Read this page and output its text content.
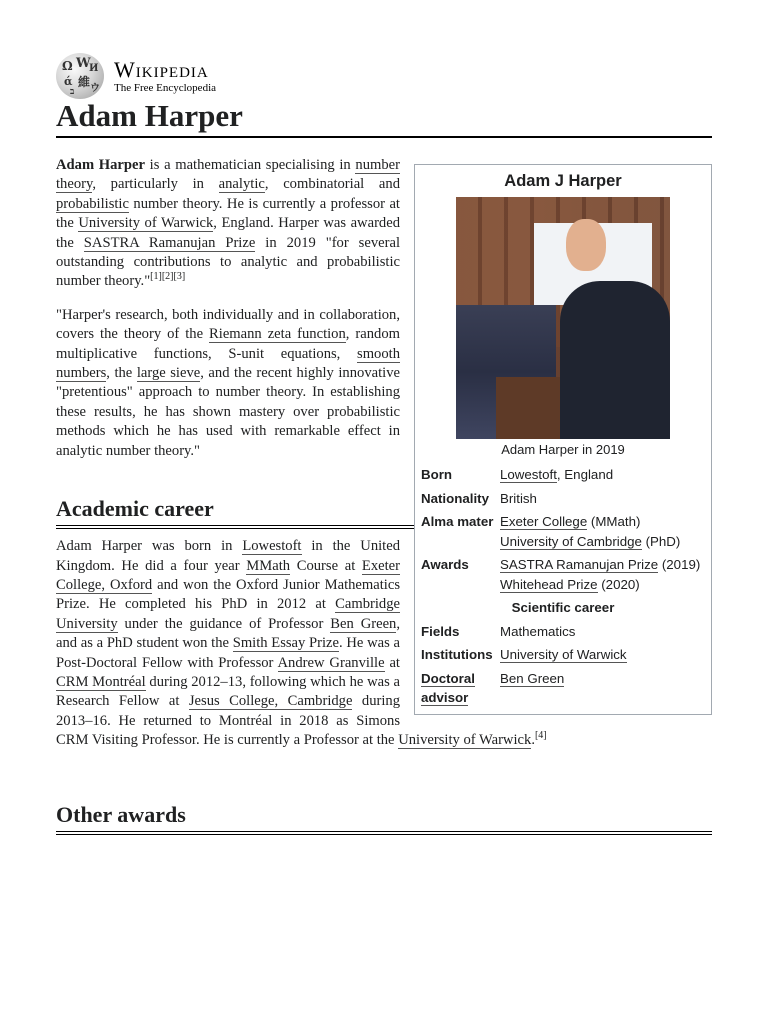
Ω W
И
ά 維 ウ
ב
Wikipedia
The Free Encyclopedia
Adam Harper
Adam J Harper
Adam Harper in 2019
Born	Lowestoft, England
Nationality	British
Alma mater	Exeter College (MMath)
University of Cambridge (PhD)
Awards	SASTRA Ramanujan Prize (2019)
Whitehead Prize (2020)
Scientific career	
Fields	Mathematics
Institutions	University of Warwick
Doctoral advisor	Ben Green

Adam Harper is a mathematician specialising in number theory, particularly in analytic, combinatorial and probabilistic number theory. He is currently a professor at the University of Warwick, England. Harper was awarded the SASTRA Ramanujan Prize in 2019 "for several outstanding contributions to analytic and probabilistic number theory."[1][2][3]

"Harper's research, both individually and in collaboration, covers the theory of the Riemann zeta function, random multiplicative functions, S-unit equations, smooth numbers, the large sieve, and the recent highly innovative "pretentious" approach to number theory. In establishing these results, he has shown mastery over probabilistic methods which he has used with remarkable effect in analytic number theory."

Academic career

Adam Harper was born in Lowestoft in the United Kingdom. He did a four year MMath Course at Exeter College, Oxford and won the Oxford Junior Mathematics Prize. He completed his PhD in 2012 at Cambridge University under the guidance of Professor Ben Green, and as a PhD student won the Smith Essay Prize. He was a Post-Doctoral Fellow with Professor Andrew Granville at CRM Montréal during 2012–13, following which he was a Research Fellow at Jesus College, Cambridge during 2013–16. He returned to Montréal in 2018 as Simons CRM Visiting Professor. He is currently a Professor at the University of Warwick.[4]

Other awards
